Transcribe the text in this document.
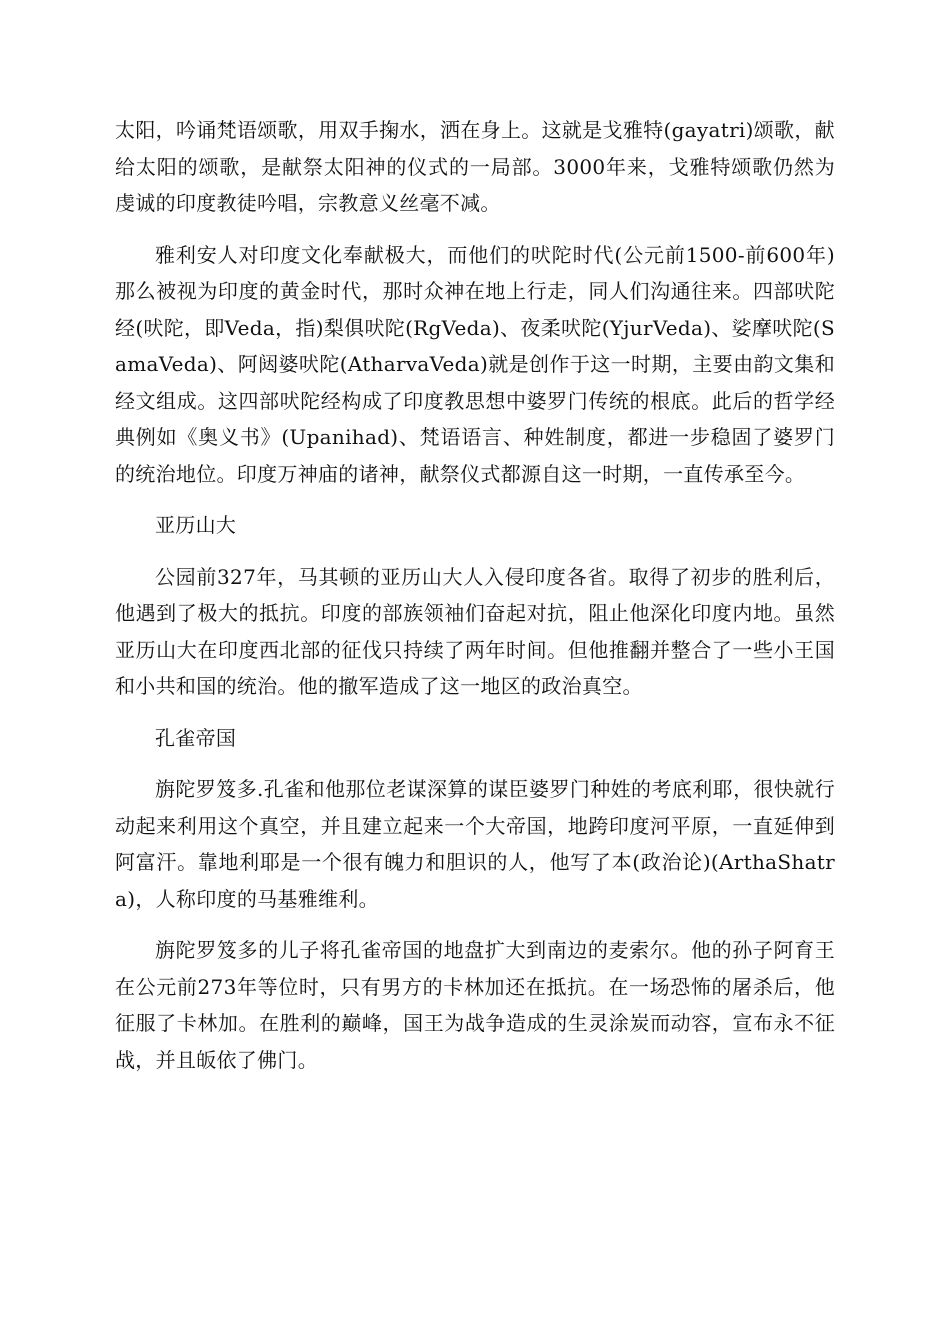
太阳，吟诵梵语颂歌，用双手掬水，洒在身上。这就是戈雅特(gayatri)颂歌，献给太阳的颂歌，是献祭太阳神的仪式的一局部。3000年来，戈雅特颂歌仍然为虔诚的印度教徒吟唱，宗教意义丝毫不减。

雅利安人对印度文化奉献极大，而他们的吠陀时代(公元前1500-前600年)那么被视为印度的黄金时代，那时众神在地上行走，同人们沟通往来。四部吠陀经(吠陀，即Veda，指)梨俱吠陀(RgVeda)、夜柔吠陀(YjurVeda)、娑摩吠陀(SamaVeda)、阿闼婆吠陀(AtharvaVeda)就是创作于这一时期，主要由韵文集和经文组成。这四部吠陀经构成了印度教思想中婆罗门传统的根底。此后的哲学经典例如《奥义书》(Upanihad)、梵语语言、种姓制度，都进一步稳固了婆罗门的统治地位。印度万神庙的诸神，献祭仪式都源自这一时期，一直传承至今。

亚历山大

公园前327年，马其顿的亚历山大人入侵印度各省。取得了初步的胜利后，他遇到了极大的抵抗。印度的部族领袖们奋起对抗，阻止他深化印度内地。虽然亚历山大在印度西北部的征伐只持续了两年时间。但他推翻并整合了一些小王国和小共和国的统治。他的撤军造成了这一地区的政治真空。

孔雀帝国

旃陀罗笈多.孔雀和他那位老谋深算的谋臣婆罗门种姓的考底利耶，很快就行动起来利用这个真空，并且建立起来一个大帝国，地跨印度河平原，一直延伸到阿富汗。靠地利耶是一个很有魄力和胆识的人，他写了本(政治论)(ArthaShatra)，人称印度的马基雅维利。

旃陀罗笈多的儿子将孔雀帝国的地盘扩大到南边的麦索尔。他的孙子阿育王在公元前273年等位时，只有男方的卡林加还在抵抗。在一场恐怖的屠杀后，他征服了卡林加。在胜利的巅峰，国王为战争造成的生灵涂炭而动容，宣布永不征战，并且皈依了佛门。
